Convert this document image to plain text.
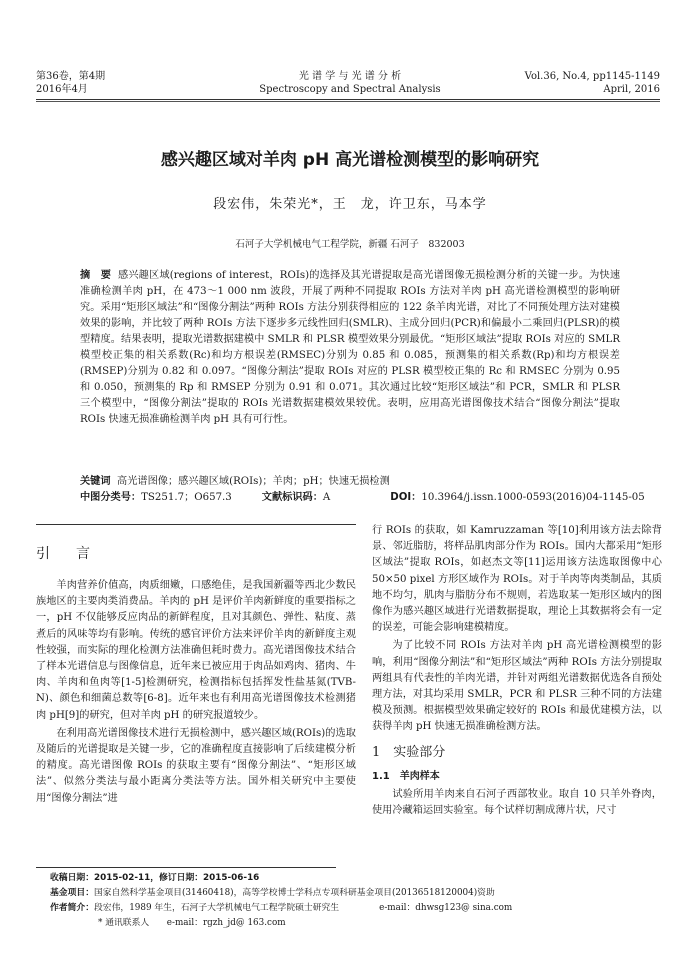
第36卷，第4期
2016年4月
光 谱 学 与 光 谱 分 析
Spectroscopy and Spectral Analysis
Vol.36, No.4, pp1145-1149
April, 2016
感兴趣区域对羊肉 pH 高光谱检测模型的影响研究
段宏伟，朱荣光*，王　龙，许卫东，马本学
石河子大学机械电气工程学院，新疆 石河子　832003
摘　要 感兴趣区域(regions of interest，ROIs)的选择及其光谱提取是高光谱图像无损检测分析的关键一步。为快速准确检测羊肉 pH，在 473～1 000 nm 波段，开展了两种不同提取 ROIs 方法对羊肉 pH 高光谱检测模型的影响研究。采用“矩形区域法”和“图像分割法”两种 ROIs 方法分别获得相应的 122 条羊肉光谱，对比了不同预处理方法对建模效果的影响，并比较了两种 ROIs 方法下逐步多元线性回归(SMLR)、主成分回归(PCR)和偏最小二乘回归(PLSR)的模型精度。结果表明，提取光谱数据建模中 SMLR 和 PLSR 模型效果分别最优。“矩形区域法”提取 ROIs 对应的 SMLR 模型校正集的相关系数(Rc)和均方根误差(RMSEC)分别为 0.85 和 0.085，预测集的相关系数(Rp)和均方根误差(RMSEP)分别为 0.82 和 0.097。“图像分割法”提取 ROIs 对应的 PLSR 模型校正集的 Rc 和 RMSEC 分别为 0.95 和 0.050，预测集的 Rp 和 RMSEP 分别为 0.91 和 0.071。其次通过比较“矩形区域法”和 PCR，SMLR 和 PLSR 三个模型中，“图像分割法”提取的 ROIs 光谱数据建模效果较优。表明，应用高光谱图像技术结合“图像分割法”提取 ROIs 快速无损准确检测羊肉 pH 具有可行性。
关键词 高光谱图像；感兴趣区域(ROIs)；羊肉；pH；快速无损检测
中图分类号：TS251.7；O657.3	文献标识码：A	DOI：10.3964/j.issn.1000-0593(2016)04-1145-05
引　言

羊肉营养价值高，肉质细嫩，口感绝佳，是我国新疆等西北少数民族地区的主要肉类消费品。羊肉的 pH 是评价羊肉新鲜度的重要指标之一，pH 不仅能够反应肉品的新鲜程度，且对其颜色、弹性、粘度、蒸煮后的风味等均有影响。传统的感官评价方法来评价羊肉的新鲜度主观性较强，而实际的理化检测方法准确但耗时费力。高光谱图像技术结合了样本光谱信息与图像信息，近年来已被应用于肉品如鸡肉、猪肉、牛肉、羊肉和鱼肉等[1-5]检测研究，检测指标包括挥发性盐基氮(TVB-N)、颜色和细菌总数等[6-8]。近年来也有利用高光谱图像技术检测猪肉 pH[9]的研究，但对羊肉 pH 的研究报道较少。

在利用高光谱图像技术进行无损检测中，感兴趣区域(ROIs)的选取及随后的光谱提取是关键一步，它的准确程度直接影响了后续建模分析的精度。高光谱图像 ROIs 的获取主要有“图像分割法”、“矩形区域法”、似然分类法与最小距离分类法等方法。国外相关研究中主要使用“图像分割法”进

行 ROIs 的获取，如 Kamruzzaman 等[10]利用该方法去除背景、邻近脂肪，将样品肌肉部分作为 ROIs。国内大都采用“矩形区域法”提取 ROIs，如赵杰文等[11]运用该方法选取图像中心 50×50 pixel 方形区域作为 ROIs。对于羊肉等肉类制品，其质地不均匀，肌肉与脂肪分布不规则，若选取某一矩形区域内的图像作为感兴趣区域进行光谱数据提取，理论上其数据将会有一定的误差，可能会影响建模精度。

为了比较不同 ROIs 方法对羊肉 pH 高光谱检测模型的影响，利用“图像分割法”和“矩形区域法”两种 ROIs 方法分别提取两组具有代表性的羊肉光谱，并针对两组光谱数据优选各自预处理方法，对其均采用 SMLR，PCR 和 PLSR 三种不同的方法建模及预测。根据模型效果确定较好的 ROIs 和最优建模方法，以获得羊肉 pH 快速无损准确检测方法。

1　实验部分
1.1　羊肉样本

试验所用羊肉来自石河子西部牧业。取自 10 只羊外脊肉，使用冷藏箱运回实验室。每个试样切割成薄片状，尺寸

收稿日期：2015-02-11，修订日期：2015-06-16
基金项目：国家自然科学基金项目(31460418)，高等学校博士学科点专项科研基金项目(20136518120004)资助
作者简介：段宏伟，1989 年生，石河子大学机械电气工程学院硕士研究生	e-mail：dhwsg123@ sina.com
* 通讯联系人　　e-mail：rgzh_jd@ 163.com
